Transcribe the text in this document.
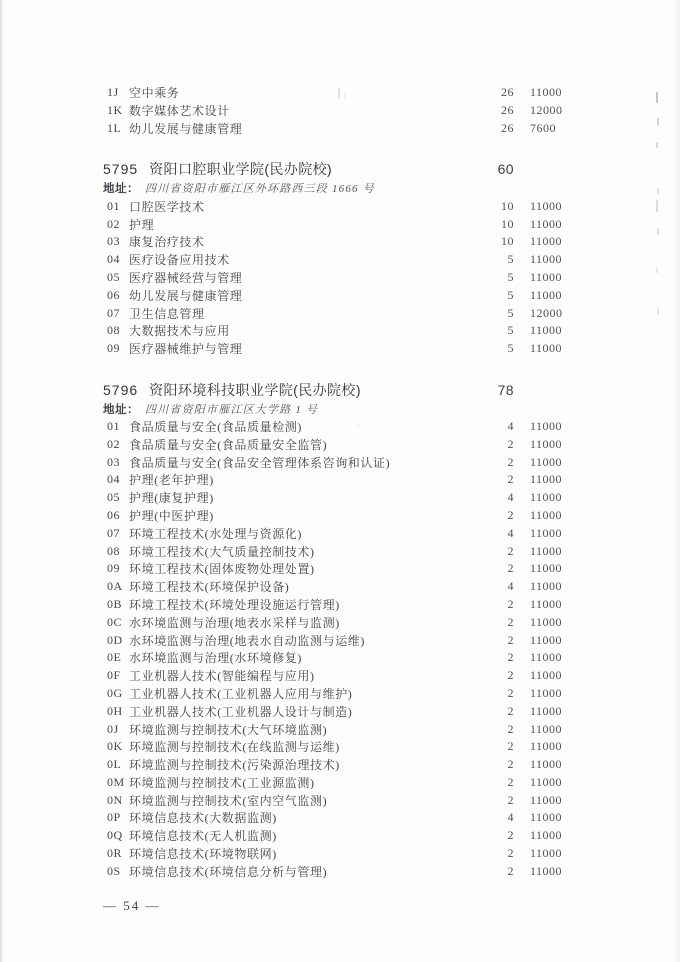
1J 空中乘务	26	11000
1K 数字媒体艺术设计	26	12000
1L 幼儿发展与健康管理	26	7600
5795 资阳口腔职业学院(民办院校)	60
地址： 四川省资阳市雁江区外环路西三段 1666 号
01 口腔医学技术	10	11000
02 护理	10	11000
03 康复治疗技术	10	11000
04 医疗设备应用技术	5	11000
05 医疗器械经营与管理	5	11000
06 幼儿发展与健康管理	5	11000
07 卫生信息管理	5	12000
08 大数据技术与应用	5	11000
09 医疗器械维护与管理	5	11000
5796 资阳环境科技职业学院(民办院校)	78
地址： 四川省资阳市雁江区大学路 1 号
01 食品质量与安全(食品质量检测)	4	11000
02 食品质量与安全(食品质量安全监管)	2	11000
03 食品质量与安全(食品安全管理体系咨询和认证)	2	11000
04 护理(老年护理)	2	11000
05 护理(康复护理)	4	11000
06 护理(中医护理)	2	11000
07 环境工程技术(水处理与资源化)	4	11000
08 环境工程技术(大气质量控制技术)	2	11000
09 环境工程技术(固体废物处理处置)	2	11000
0A 环境工程技术(环境保护设备)	4	11000
0B 环境工程技术(环境处理设施运行管理)	2	11000
0C 水环境监测与治理(地表水采样与监测)	2	11000
0D 水环境监测与治理(地表水自动监测与运维)	2	11000
0E 水环境监测与治理(水环境修复)	2	11000
0F 工业机器人技术(智能编程与应用)	2	11000
0G 工业机器人技术(工业机器人应用与维护)	2	11000
0H 工业机器人技术(工业机器人设计与制造)	2	11000
0J 环境监测与控制技术(大气环境监测)	2	11000
0K 环境监测与控制技术(在线监测与运维)	2	11000
0L 环境监测与控制技术(污染源治理技术)	2	11000
0M 环境监测与控制技术(工业源监测)	2	11000
0N 环境监测与控制技术(室内空气监测)	2	11000
0P 环境信息技术(大数据监测)	4	11000
0Q 环境信息技术(无人机监测)	2	11000
0R 环境信息技术(环境物联网)	2	11000
0S 环境信息技术(环境信息分析与管理)	2	11000
— 54 —
